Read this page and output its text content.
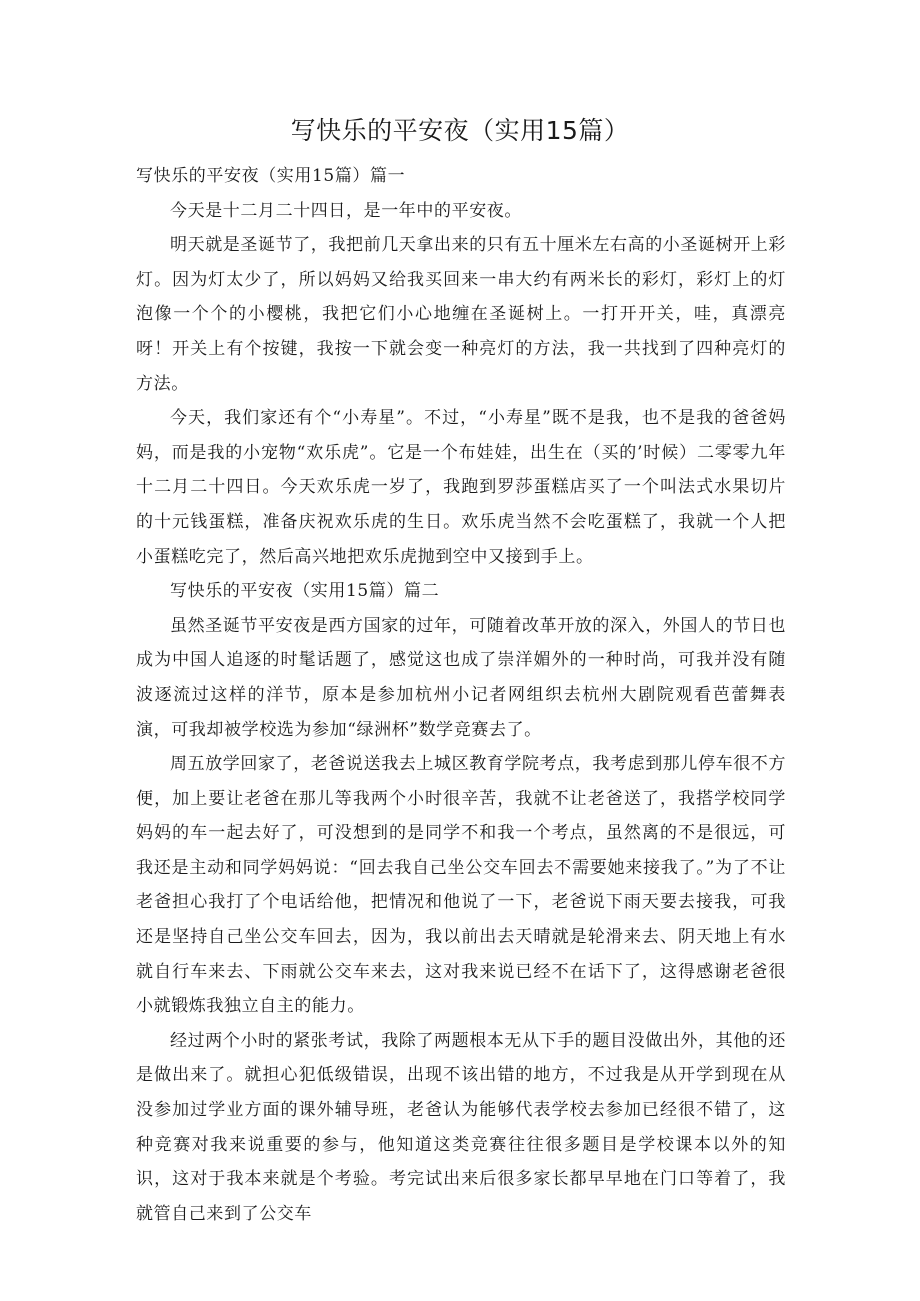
写快乐的平安夜（实用15篇）

写快乐的平安夜（实用15篇）篇一

今天是十二月二十四日，是一年中的平安夜。

明天就是圣诞节了，我把前几天拿出来的只有五十厘米左右高的小圣诞树开上彩灯。因为灯太少了，所以妈妈又给我买回来一串大约有两米长的彩灯，彩灯上的灯泡像一个个的小樱桃，我把它们小心地缠在圣诞树上。一打开开关，哇，真漂亮呀！开关上有个按键，我按一下就会变一种亮灯的方法，我一共找到了四种亮灯的方法。

今天，我们家还有个“小寿星”。不过，“小寿星”既不是我，也不是我的爸爸妈妈，而是我的小宠物“欢乐虎”。它是一个布娃娃，出生在（买的’时候）二零零九年十二月二十四日。今天欢乐虎一岁了，我跑到罗莎蛋糕店买了一个叫法式水果切片的十元钱蛋糕，准备庆祝欢乐虎的生日。欢乐虎当然不会吃蛋糕了，我就一个人把小蛋糕吃完了，然后高兴地把欢乐虎抛到空中又接到手上。

写快乐的平安夜（实用15篇）篇二

虽然圣诞节平安夜是西方国家的过年，可随着改革开放的深入，外国人的节日也成为中国人追逐的时髦话题了，感觉这也成了崇洋媚外的一种时尚，可我并没有随波逐流过这样的洋节，原本是参加杭州小记者网组织去杭州大剧院观看芭蕾舞表演，可我却被学校选为参加“绿洲杯”数学竞赛去了。

周五放学回家了，老爸说送我去上城区教育学院考点，我考虑到那儿停车很不方便，加上要让老爸在那儿等我两个小时很辛苦，我就不让老爸送了，我搭学校同学妈妈的车一起去好了，可没想到的是同学不和我一个考点，虽然离的不是很远，可我还是主动和同学妈妈说：“回去我自己坐公交车回去不需要她来接我了。”为了不让老爸担心我打了个电话给他，把情况和他说了一下，老爸说下雨天要去接我，可我还是坚持自己坐公交车回去，因为，我以前出去天晴就是轮滑来去、阴天地上有水就自行车来去、下雨就公交车来去，这对我来说已经不在话下了，这得感谢老爸很小就锻炼我独立自主的能力。

经过两个小时的紧张考试，我除了两题根本无从下手的题目没做出外，其他的还是做出来了。就担心犯低级错误，出现不该出错的地方，不过我是从开学到现在从没参加过学业方面的课外辅导班，老爸认为能够代表学校去参加已经很不错了，这种竞赛对我来说重要的参与，他知道这类竞赛往往很多题目是学校课本以外的知识，这对于我本来就是个考验。考完试出来后很多家长都早早地在门口等着了，我就管自己来到了公交车
